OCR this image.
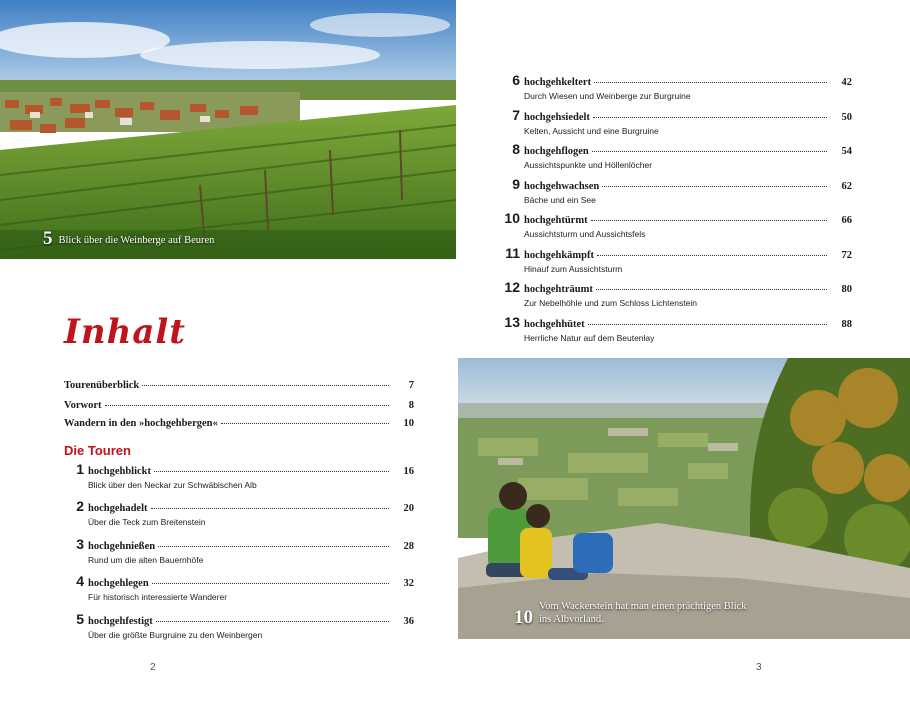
5 Blick über die Weinberge auf Beuren
Inhalt
Tourenüberblick	7
Vorwort	8
Wandern in den »hochgehbergen«	10
Die Touren
1 hochgehblickt	16
Blick über den Neckar zur Schwäbischen Alb
2 hochgehadelt	20
Über die Teck zum Breitenstein
3 hochgehnießen	28
Rund um die alten Bauernhöfe
4 hochgehlegen	32
Für historisch interessierte Wanderer
5 hochgehfestigt	36
Über die größte Burgruine zu den Weinbergen
2
6 hochgehkeltert	42
Durch Wiesen und Weinberge zur Burgruine
7 hochgehsiedelt	50
Kelten, Aussicht und eine Burgruine
8 hochgehflogen	54
Aussichtspunkte und Höllenlöcher
9 hochgehwachsen	62
Bäche und ein See
10 hochgehtürmt	66
Aussichtsturm und Aussichtsfels
11 hochgehkämpft	72
Hinauf zum Aussichtsturm
12 hochgehträumt	80
Zur Nebelhöhle und zum Schloss Lichtenstein
13 hochgehhütet	88
Herrliche Natur auf dem Beutenlay
10
Vom Wackerstein hat man einen prächtigen Blick
ins Albvorland.
3
